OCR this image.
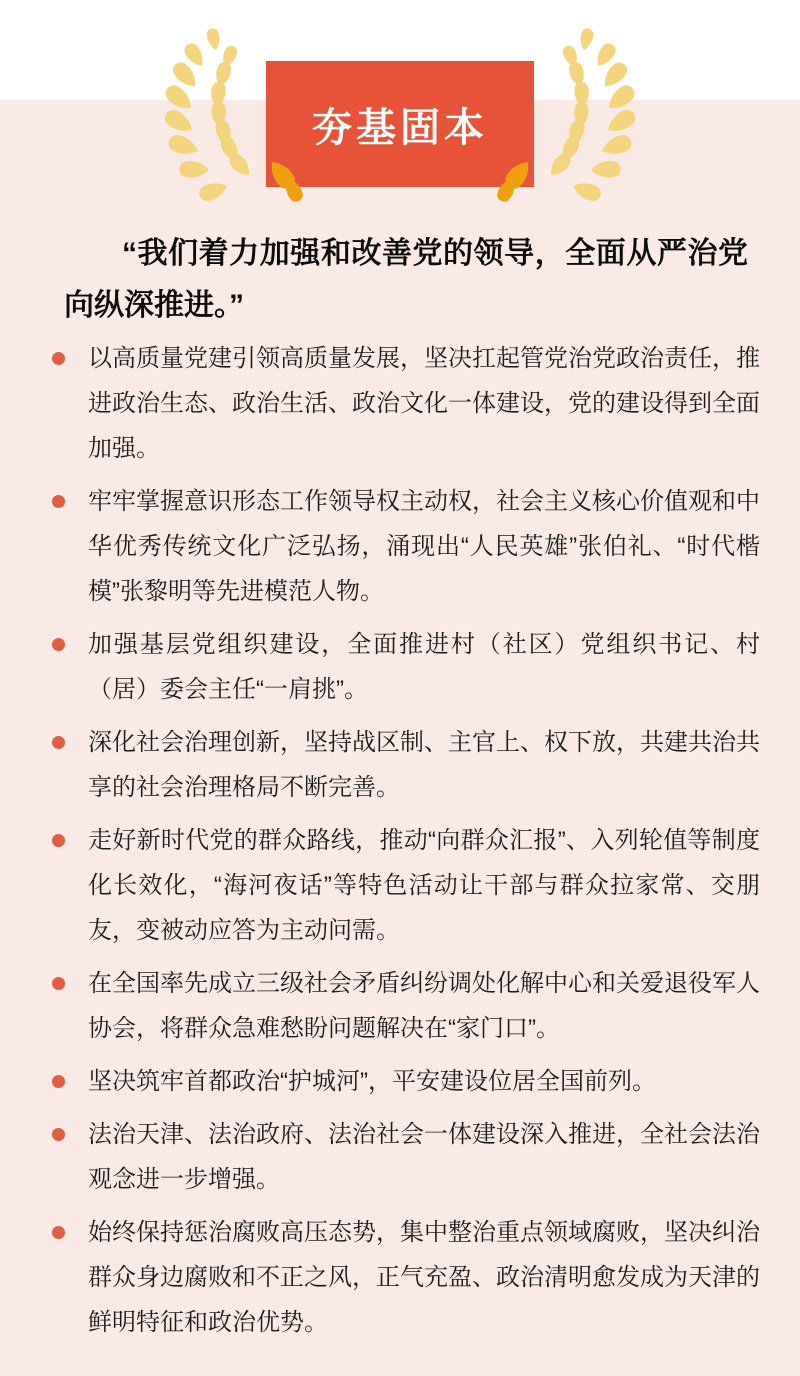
夯基固本

“我们着力加强和改善党的领导，全面从严治党向纵深推进。”

以高质量党建引领高质量发展，坚决扛起管党治党政治责任，推进政治生态、政治生活、政治文化一体建设，党的建设得到全面加强。
牢牢掌握意识形态工作领导权主动权，社会主义核心价值观和中华优秀传统文化广泛弘扬，涌现出“人民英雄”张伯礼、“时代楷模”张黎明等先进模范人物。
加强基层党组织建设，全面推进村（社区）党组织书记、村（居）委会主任“一肩挑”。
深化社会治理创新，坚持战区制、主官上、权下放，共建共治共享的社会治理格局不断完善。
走好新时代党的群众路线，推动“向群众汇报”、入列轮值等制度化长效化，“海河夜话”等特色活动让干部与群众拉家常、交朋友，变被动应答为主动问需。
在全国率先成立三级社会矛盾纠纷调处化解中心和关爱退役军人协会，将群众急难愁盼问题解决在“家门口”。
坚决筑牢首都政治“护城河”，平安建设位居全国前列。
法治天津、法治政府、法治社会一体建设深入推进，全社会法治观念进一步增强。
始终保持惩治腐败高压态势，集中整治重点领域腐败，坚决纠治群众身边腐败和不正之风，正气充盈、政治清明愈发成为天津的鲜明特征和政治优势。
